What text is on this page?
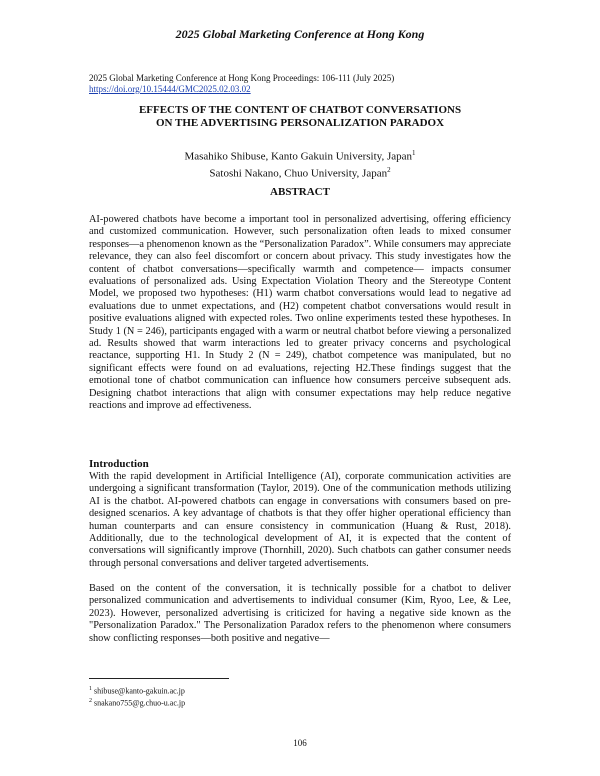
2025 Global Marketing Conference at Hong Kong
2025 Global Marketing Conference at Hong Kong Proceedings: 106-111 (July 2025)
https://doi.org/10.15444/GMC2025.02.03.02
EFFECTS OF THE CONTENT OF CHATBOT CONVERSATIONS
ON THE ADVERTISING PERSONALIZATION PARADOX
Masahiko Shibuse, Kanto Gakuin University, Japan$^1$
Satoshi Nakano, Chuo University, Japan$^2$
ABSTRACT

AI-powered chatbots have become a important tool in personalized advertising, offering efficiency and customized communication. However, such personalization often leads to mixed consumer responses—a phenomenon known as the “Personalization Paradox”. While consumers may appreciate relevance, they can also feel discomfort or concern about privacy. This study investigates how the content of chatbot conversations—specifically warmth and competence— impacts consumer evaluations of personalized ads. Using Expectation Violation Theory and the Stereotype Content Model, we proposed two hypotheses: (H1) warm chatbot conversations would lead to negative ad evaluations due to unmet expectations, and (H2) competent chatbot conversations would result in positive evaluations aligned with expected roles. Two online experiments tested these hypotheses. In Study 1 (N = 246), participants engaged with a warm or neutral chatbot before viewing a personalized ad. Results showed that warm interactions led to greater privacy concerns and psychological reactance, supporting H1. In Study 2 (N = 249), chatbot competence was manipulated, but no significant effects were found on ad evaluations, rejecting H2.These findings suggest that the emotional tone of chatbot communication can influence how consumers perceive subsequent ads. Designing chatbot interactions that align with consumer expectations may help reduce negative reactions and improve ad effectiveness.

Introduction

With the rapid development in Artificial Intelligence (AI), corporate communication activities are undergoing a significant transformation (Taylor, 2019). One of the communication methods utilizing AI is the chatbot. AI-powered chatbots can engage in conversations with consumers based on pre-designed scenarios. A key advantage of chatbots is that they offer higher operational efficiency than human counterparts and can ensure consistency in communication (Huang & Rust, 2018). Additionally, due to the technological development of AI, it is expected that the content of conversations will significantly improve (Thornhill, 2020). Such chatbots can gather consumer needs through personal conversations and deliver targeted advertisements.

Based on the content of the conversation, it is technically possible for a chatbot to deliver personalized communication and advertisements to individual consumer (Kim, Ryoo, Lee, & Lee, 2023). However, personalized advertising is criticized for having a negative side known as the "Personalization Paradox." The Personalization Paradox refers to the phenomenon where consumers show conflicting responses—both positive and negative—

$^1$ shibuse@kanto-gakuin.ac.jp
$^2$ snakano755@g.chuo-u.ac.jp
106
